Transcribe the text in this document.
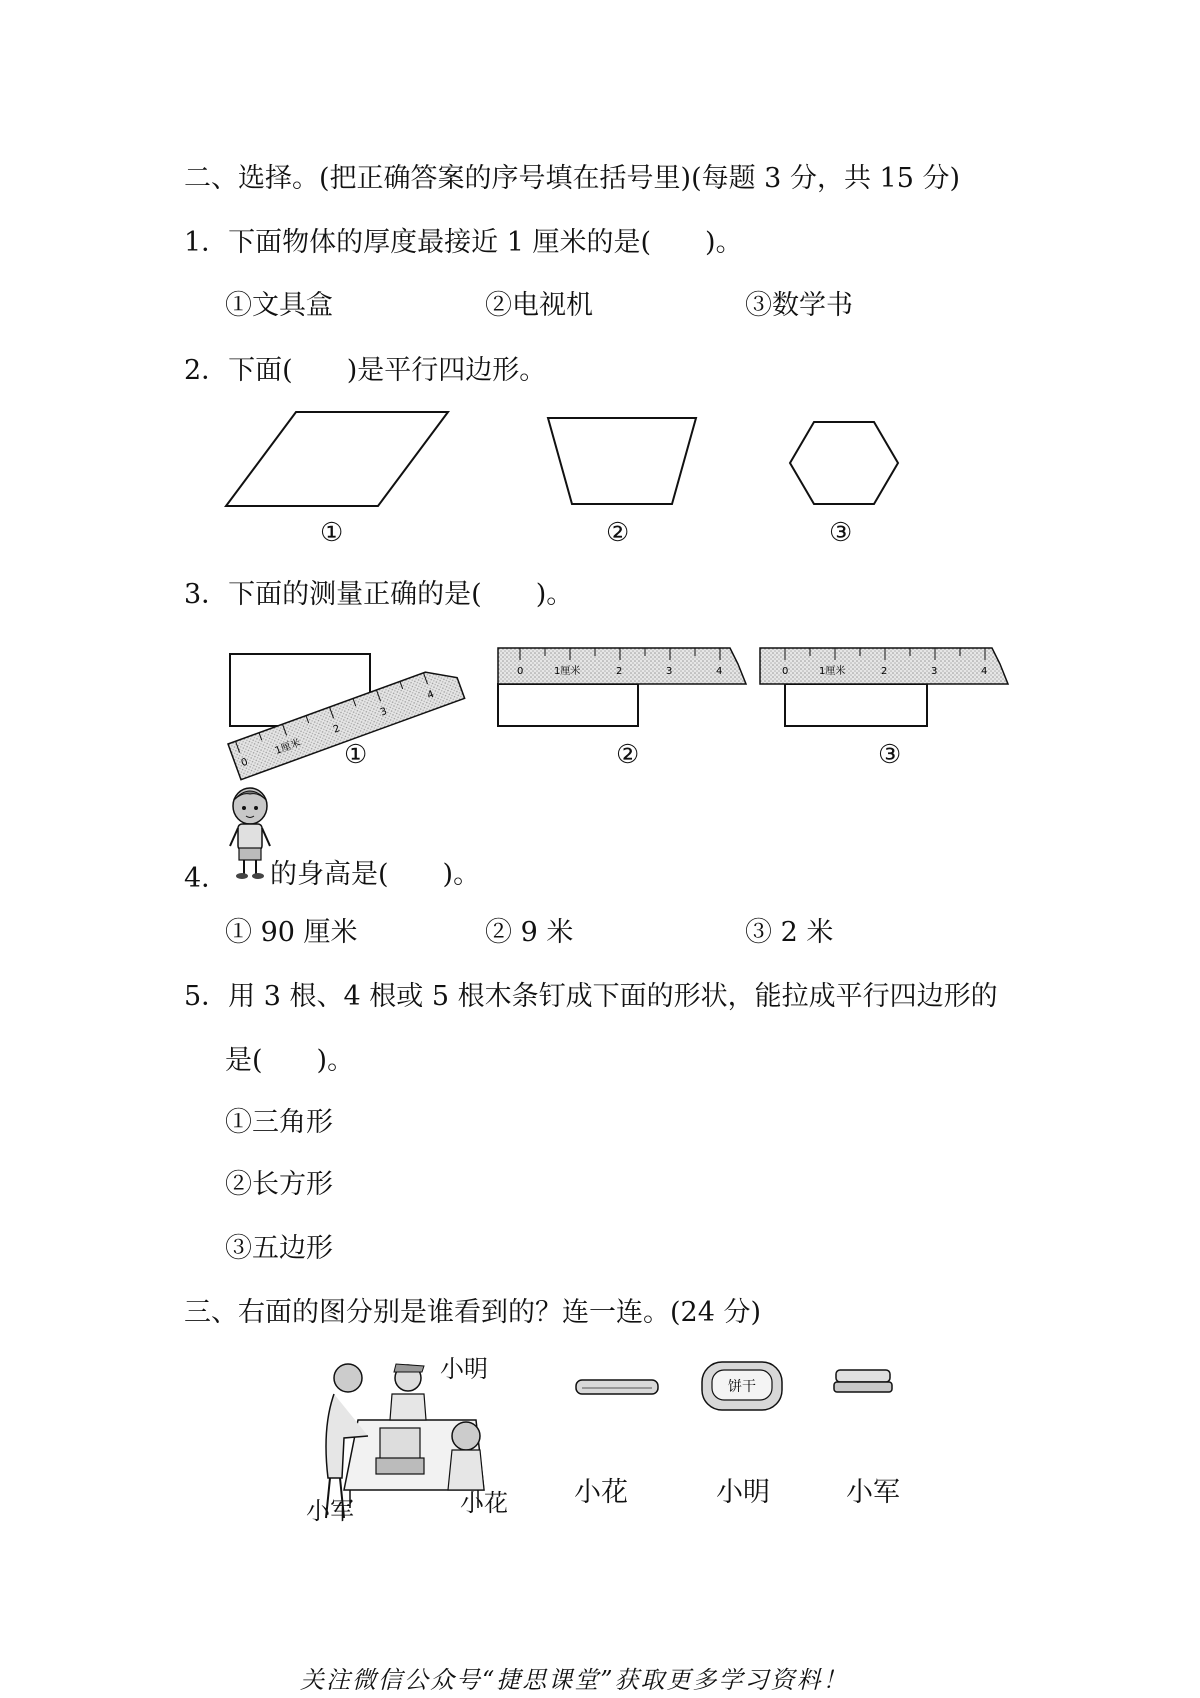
二、选择。(把正确答案的序号填在括号里)(每题 3 分，共 15 分)
1．下面物体的厚度最接近 1 厘米的是(　　)。
①文具盒	②电视机	③数学书
2．下面(　　)是平行四边形。
①	②	③
3．下面的测量正确的是(　　)。
0
1厘米
2
3
4
0	1厘米	2	3	4	0	1厘米	2	3	4
①	②	③
4． 的身高是(　　)。
① 90 厘米	② 9 米	③ 2 米
5．用 3 根、4 根或 5 根木条钉成下面的形状，能拉成平行四边形的
是(　　)。
①三角形
②长方形
③五边形
三、右面的图分别是谁看到的？连一连。(24 分)
小明
小军	小花
饼干
小花	小明	小军
关注微信公众号“捷思课堂”获取更多学习资料！
